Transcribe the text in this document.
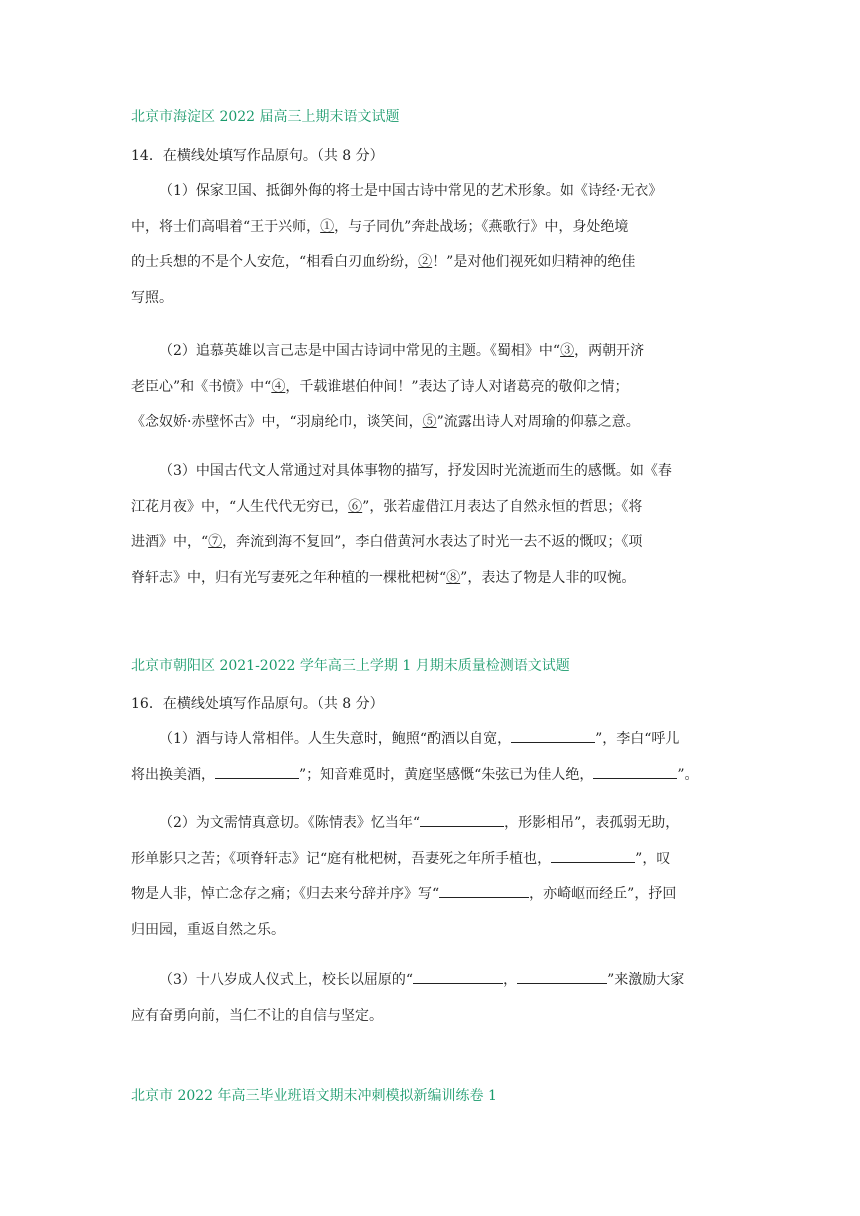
北京市海淀区 2022 届高三上期末语文试题
14．在横线处填写作品原句。（共 8 分）
（1）保家卫国、抵御外侮的将士是中国古诗中常见的艺术形象。如《诗经·无衣》
中，将士们高唱着“王于兴师，①，与子同仇”奔赴战场；《燕歌行》中，身处绝境
的士兵想的不是个人安危，“相看白刃血纷纷，②！”是对他们视死如归精神的绝佳
写照。
（2）追慕英雄以言己志是中国古诗词中常见的主题。《蜀相》中“③，两朝开济
老臣心”和《书愤》中“④，千载谁堪伯仲间！”表达了诗人对诸葛亮的敬仰之情；
《念奴娇·赤壁怀古》中，“羽扇纶巾，谈笑间，⑤”流露出诗人对周瑜的仰慕之意。
（3）中国古代文人常通过对具体事物的描写，抒发因时光流逝而生的感慨。如《春
江花月夜》中，“人生代代无穷已，⑥”，张若虚借江月表达了自然永恒的哲思；《将
进酒》中，“⑦，奔流到海不复回”，李白借黄河水表达了时光一去不返的慨叹；《项
脊轩志》中，归有光写妻死之年种植的一棵枇杷树“⑧”，表达了物是人非的叹惋。
北京市朝阳区 2021-2022 学年高三上学期 1 月期末质量检测语文试题
16．在横线处填写作品原句。（共 8 分）
（1）酒与诗人常相伴。人生失意时，鲍照“酌酒以自宽，	”，李白“呼儿
将出换美酒，	”；知音难觅时，黄庭坚感慨“朱弦已为佳人绝，	”。
（2）为文需情真意切。《陈情表》忆当年“	，形影相吊”，表孤弱无助，
形单影只之苦；《项脊轩志》记“庭有枇杷树，吾妻死之年所手植也，	”，叹
物是人非，悼亡念存之痛；《归去来兮辞并序》写“	，亦崎岖而经丘”，抒回
归田园，重返自然之乐。
（3）十八岁成人仪式上，校长以屈原的“	，	”来激励大家
应有奋勇向前，当仁不让的自信与坚定。
北京市 2022 年高三毕业班语文期末冲刺模拟新编训练卷 1
